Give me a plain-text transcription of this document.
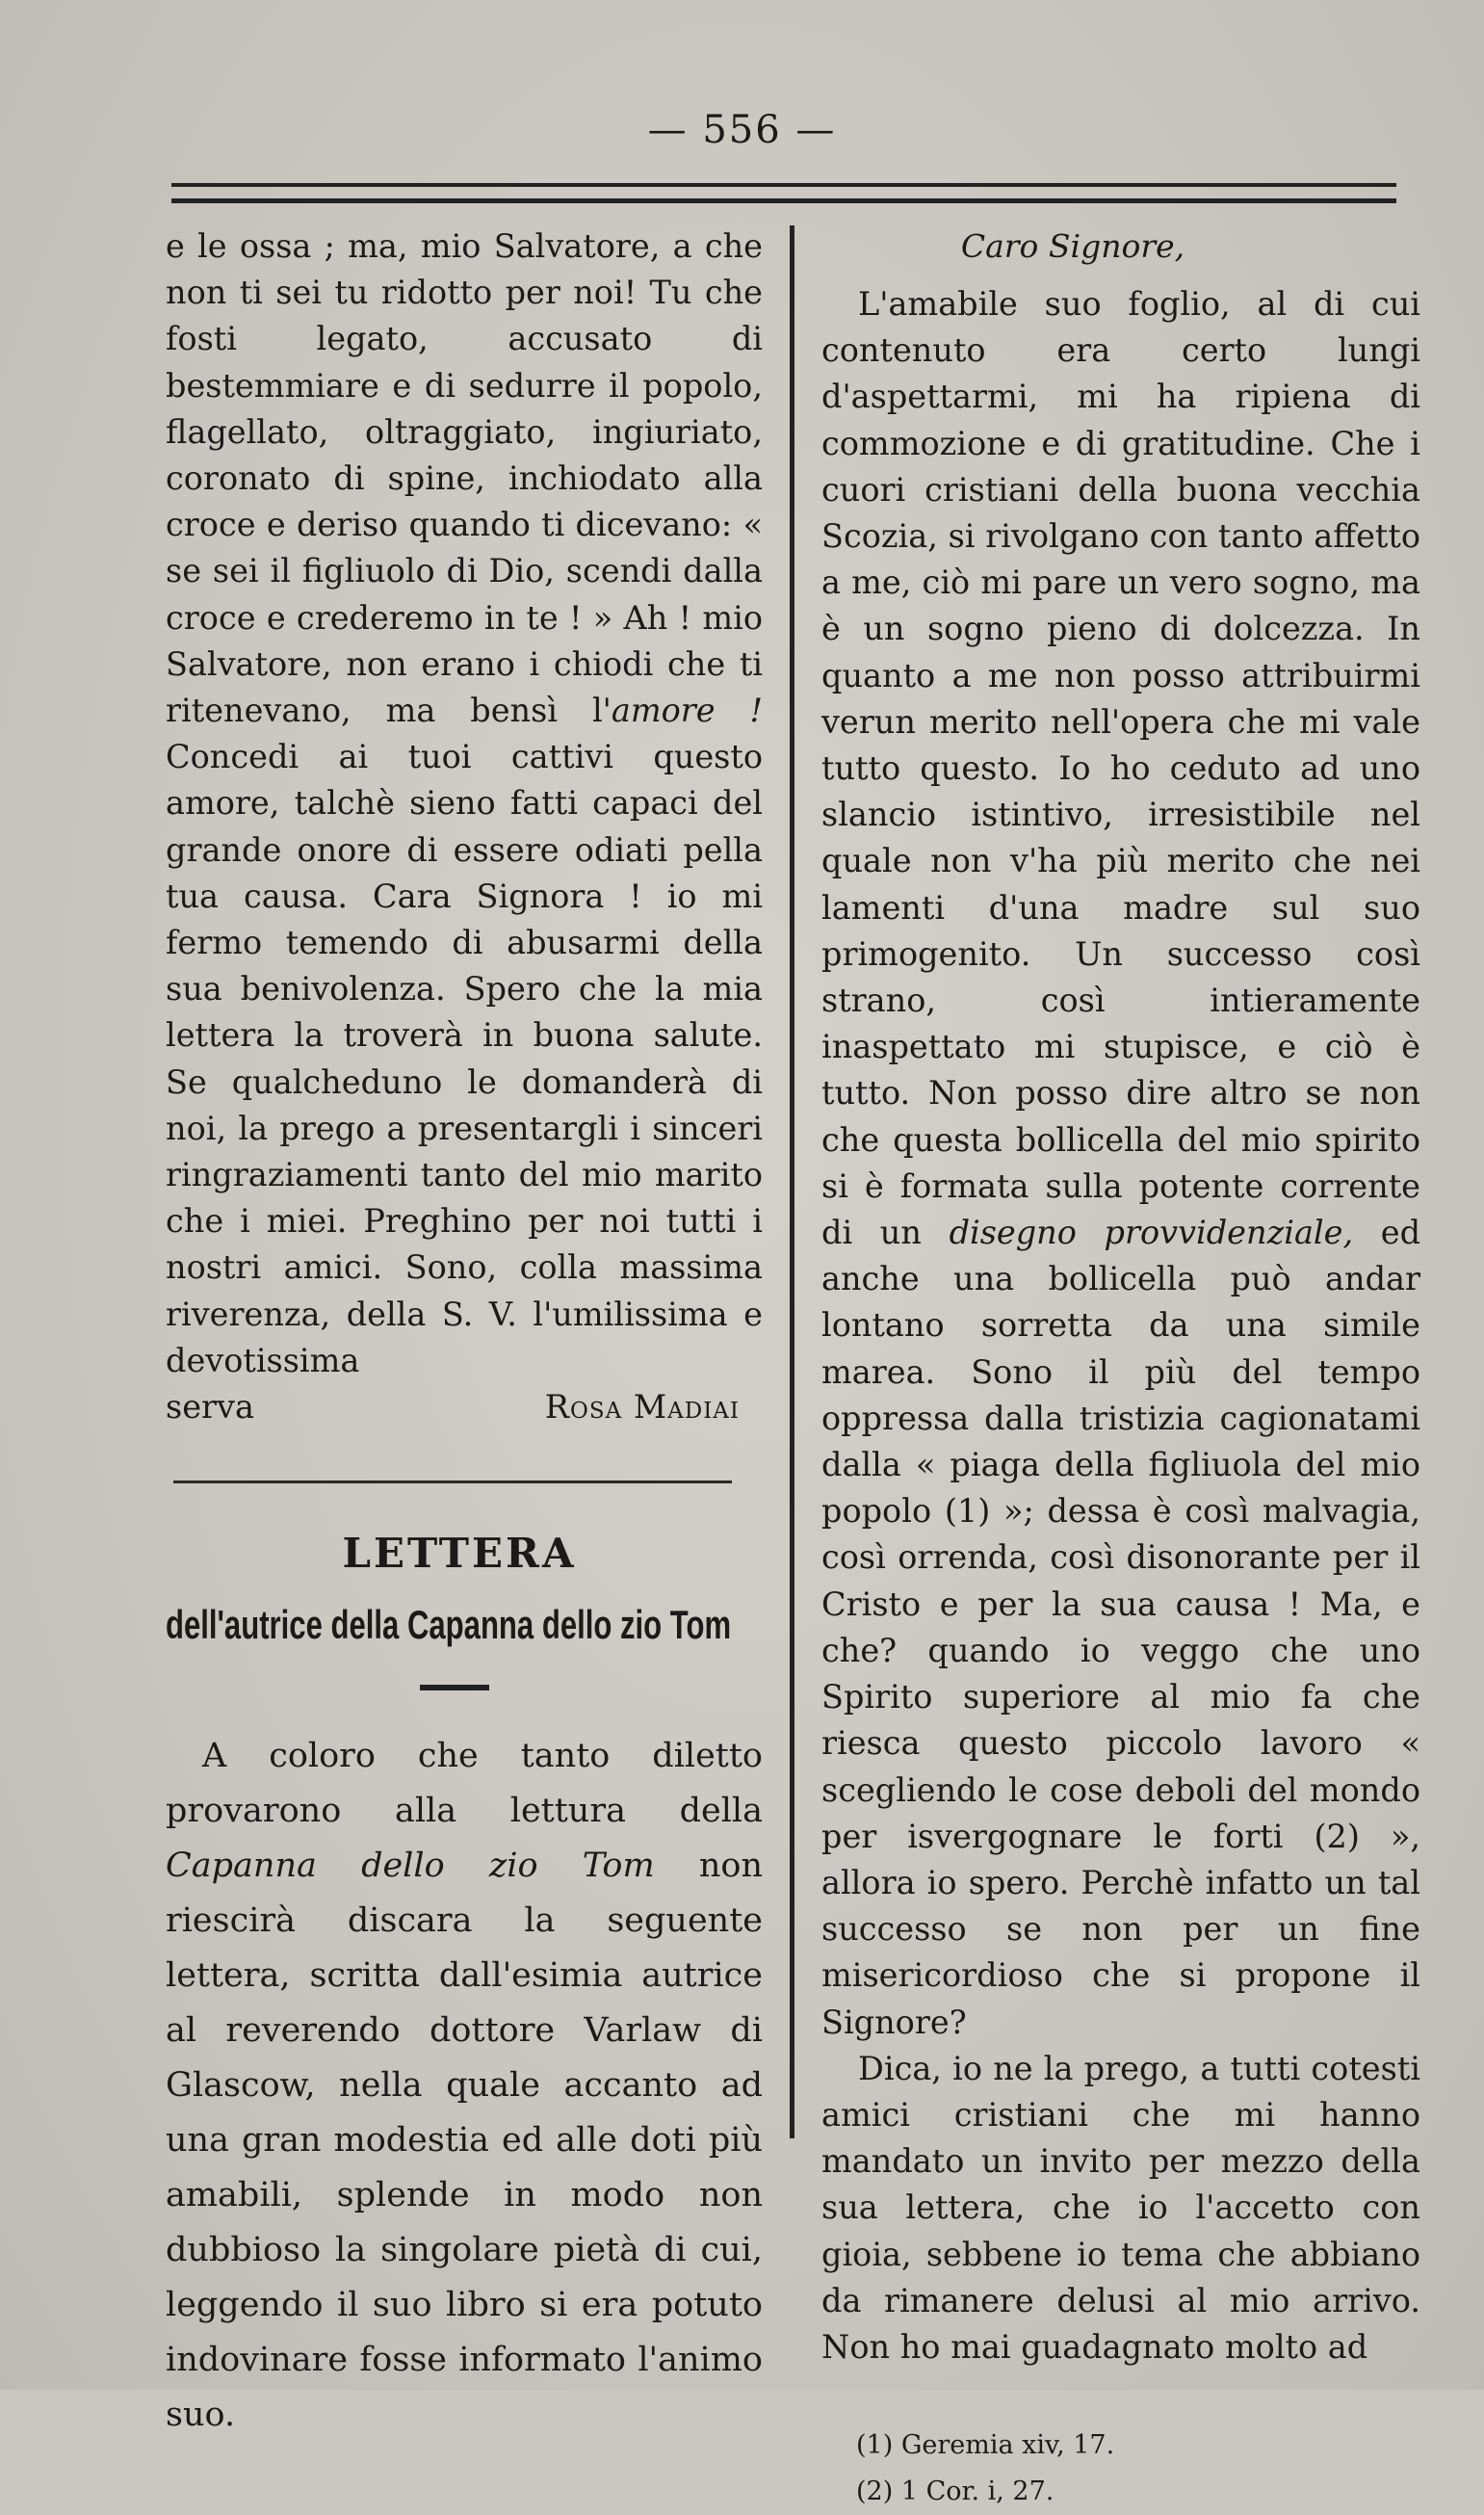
— 556 —

e le ossa ; ma, mio Salvatore, a che non ti sei tu ridotto per noi! Tu che fosti legato, accusato di bestemmiare e di sedurre il popolo, flagellato, oltraggiato, ingiuriato, coronato di spine, inchiodato alla croce e deriso quando ti dicevano: « se sei il figliuolo di Dio, scendi dalla croce e crederemo in te ! » Ah ! mio Salvatore, non erano i chiodi che ti ritenevano, ma bensì l'amore ! Concedi ai tuoi cattivi questo amore, talchè sieno fatti capaci del grande onore di essere odiati pella tua causa. Cara Signora ! io mi fermo temendo di abusarmi della sua benivolenza. Spero che la mia lettera la troverà in buona salute. Se qualcheduno le domanderà di noi, la prego a presentargli i sinceri ringraziamenti tanto del mio marito che i miei. Preghino per noi tutti i nostri amici. Sono, colla massima riverenza, della S. V. l'umilissima e devotissima

serva	Rosa Madiai

LETTERA
dell'autrice della Capanna dello zio Tom

A coloro che tanto diletto provarono alla lettura della Capanna dello zio Tom non riescirà discara la seguente lettera, scritta dall'esimia autrice al reverendo dottore Varlaw di Glascow, nella quale accanto ad una gran modestia ed alle doti più amabili, splende in modo non dubbioso la singolare pietà di cui, leggendo il suo libro si era potuto indovinare fosse informato l'animo suo.

Caro Signore,

L'amabile suo foglio, al di cui contenuto era certo lungi d'aspettarmi, mi ha ripiena di commozione e di gratitudine. Che i cuori cristiani della buona vecchia Scozia, si rivolgano con tanto affetto a me, ciò mi pare un vero sogno, ma è un sogno pieno di dolcezza. In quanto a me non posso attribuirmi verun merito nell'opera che mi vale tutto questo. Io ho ceduto ad uno slancio istintivo, irresistibile nel quale non v'ha più merito che nei lamenti d'una madre sul suo primogenito. Un successo così strano, così intieramente inaspettato mi stupisce, e ciò è tutto. Non posso dire altro se non che questa bollicella del mio spirito si è formata sulla potente corrente di un disegno provvidenziale, ed anche una bollicella può andar lontano sorretta da una simile marea. Sono il più del tempo oppressa dalla tristizia cagionatami dalla « piaga della figliuola del mio popolo (1) »; dessa è così malvagia, così orrenda, così disonorante per il Cristo e per la sua causa ! Ma, e che? quando io veggo che uno Spirito superiore al mio fa che riesca questo piccolo lavoro « scegliendo le cose deboli del mondo per isvergognare le forti (2) », allora io spero. Perchè infatto un tal successo se non per un fine misericordioso che si propone il Signore?

Dica, io ne la prego, a tutti cotesti amici cristiani che mi hanno mandato un invito per mezzo della sua lettera, che io l'accetto con gioia, sebbene io tema che abbiano da rimanere delusi al mio arrivo. Non ho mai guadagnato molto ad

(1) Geremia xiv, 17.
(2) 1 Cor. i, 27.
